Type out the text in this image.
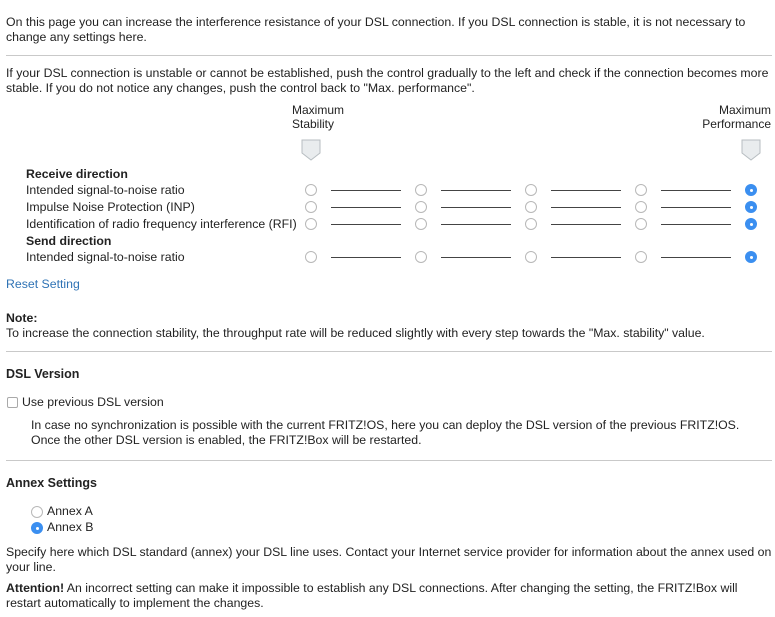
On this page you can increase the interference resistance of your DSL connection. If you DSL connection is stable, it is not necessary to change any settings here.

If your DSL connection is unstable or cannot be established, push the control gradually to the left and check if the connection becomes more stable. If you do not notice any changes, push the control back to "Max. performance".

Maximum
Stability
Maximum
Performance
Receive direction
Intended signal-to-noise ratio
Impulse Noise Protection (INP)
Identification of radio frequency interference (RFI)
Send direction
Intended signal-to-noise ratio
Reset Setting
Note:
To increase the connection stability, the throughput rate will be reduced slightly with every step towards the "Max. stability" value.
DSL Version
Use previous DSL version
In case no synchronization is possible with the current FRITZ!OS, here you can deploy the DSL version of the previous FRITZ!OS. Once the other DSL version is enabled, the FRITZ!Box will be restarted.
Annex Settings
Annex A
Annex B
Specify here which DSL standard (annex) your DSL line uses. Contact your Internet service provider for information about the annex used on your line.
Attention! An incorrect setting can make it impossible to establish any DSL connections. After changing the setting, the FRITZ!Box will restart automatically to implement the changes.
